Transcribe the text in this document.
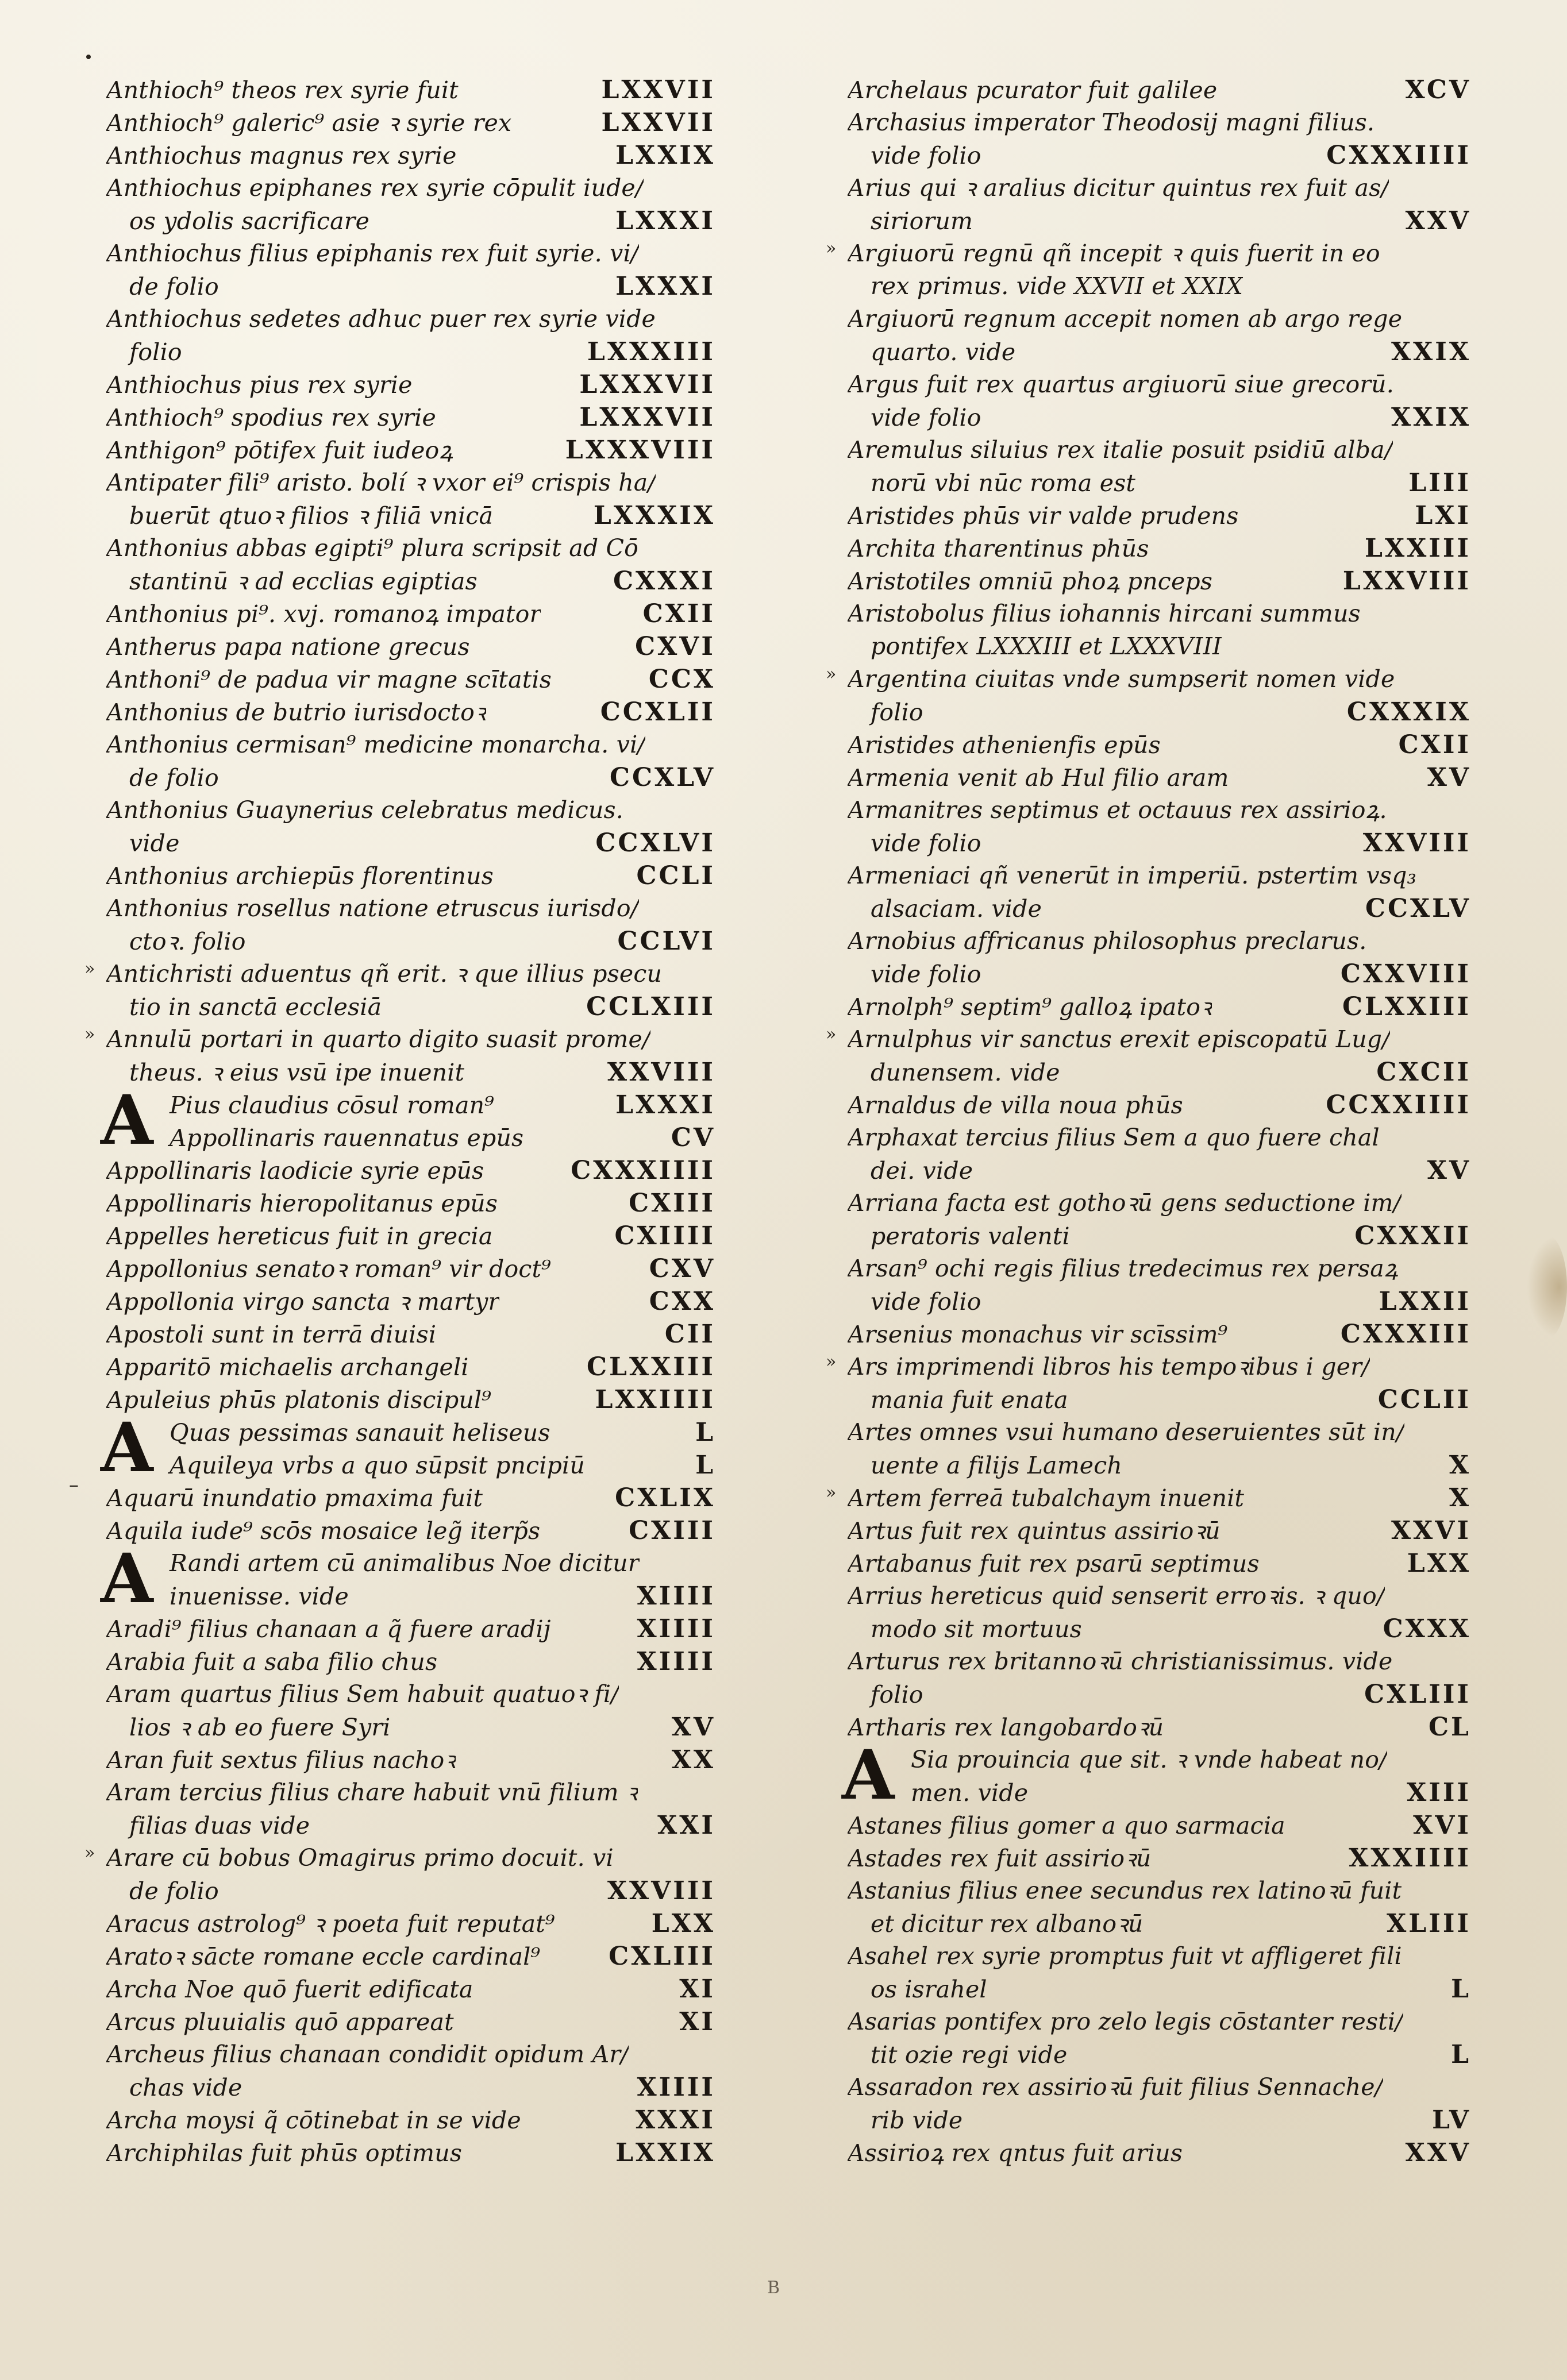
–
Anthioch⁹ theos rex syrie fuit	LXXVII
Anthioch⁹ galeric⁹ asie ꝛ syrie rex	LXXVII
Anthiochus magnus rex syrie	LXXIX
Anthiochus epiphanes rex syrie cōpulit iude/
os ydolis sacrificare	LXXXI
Anthiochus filius epiphanis rex fuit syrie. vi/
de folio	LXXXI
Anthiochus sedetes adhuc puer rex syrie vide
folio	LXXXIII
Anthiochus pius rex syrie	LXXXVII
Anthioch⁹ spodius rex syrie	LXXXVII
Anthigon⁹ pōtifex fuit iudeoꝝ	LXXXVIII
Antipater fili⁹ aristo. bolí ꝛ vxor ei⁹ crispis ha/
buerūt qtuoꝛ filios ꝛ filiā vnicā	LXXXIX
Anthonius abbas egipti⁹ plura scripsit ad Cō
stantinū ꝛ ad ecclias egiptias	CXXXI
Anthonius pi⁹. xvj. romanoꝝ impator	CXII
Antherus papa natione grecus	CXVI
Anthoni⁹ de padua vir magne scītatis	CCX
Anthonius de butrio iurisdoctoꝛ	CCXLII
Anthonius cermisan⁹ medicine monarcha. vi/
de folio	CCXLV
Anthonius Guaynerius celebratus medicus.
vide	CCXLVI
Anthonius archiepūs florentinus	CCLI
Anthonius rosellus natione etruscus iurisdo/
ctoꝛ. folio	CCLVI
» Antichristi aduentus qñ erit. ꝛ que illius psecu
tio in sanctā ecclesiā	CCLXIII
» Annulū portari in quarto digito suasit prome/
theus. ꝛ eius vsū ipe inuenit	XXVIII
A Pius claudius cōsul roman⁹	LXXXI
Appollinaris rauennatus epūs	CV
Appollinaris laodicie syrie epūs	CXXXIIII
Appollinaris hieropolitanus epūs	CXIII
Appelles hereticus fuit in grecia	CXIIII
Appollonius senatoꝛ roman⁹ vir doct⁹	CXV
Appollonia virgo sancta ꝛ martyr	CXX
Apostoli sunt in terrā diuisi	CII
Apparitō michaelis archangeli	CLXXIII
Apuleius phūs platonis discipul⁹	LXXIIII
A Quas pessimas sanauit heliseus	L
Aquileya vrbs a quo sūpsit pncipiū	L
Aquarū inundatio pmaxima fuit	CXLIX
Aquila iude⁹ scōs mosaice leg̃ iterp̃s	CXIII
A Randi artem cū animalibus Noe dicitur
inuenisse. vide	XIIII
Aradi⁹ filius chanaan a q̃ fuere aradij	XIIII
Arabia fuit a saba filio chus	XIIII
Aram quartus filius Sem habuit quatuoꝛ fi/
lios ꝛ ab eo fuere Syri	XV
Aran fuit sextus filius nachoꝛ	XX
Aram tercius filius chare habuit vnū filium ꝛ
filias duas vide	XXI
» Arare cū bobus Omagirus primo docuit. vi
de folio	XXVIII
Aracus astrolog⁹ ꝛ poeta fuit reputat⁹	LXX
Aratoꝛ sācte romane eccle cardinal⁹	CXLIII
Archa Noe quō fuerit edificata	XI
Arcus pluuialis quō appareat	XI
Archeus filius chanaan condidit opidum Ar/
chas vide	XIIII
Archa moysi q̃ cōtinebat in se vide	XXXI
Archiphilas fuit phūs optimus	LXXIX
Archelaus pcurator fuit galilee	XCV
Archasius imperator Theodosij magni filius.
vide folio	CXXXIIII
Arius qui ꝛ aralius dicitur quintus rex fuit as/
siriorum	XXV
» Argiuorū regnū qñ incepit ꝛ quis fuerit in eo
rex primus. vide XXVII et XXIX
Argiuorū regnum accepit nomen ab argo rege
quarto. vide	XXIX
Argus fuit rex quartus argiuorū siue grecorū.
vide folio	XXIX
Aremulus siluius rex italie posuit psidiū alba/
norū vbi nūc roma est	LIII
Aristides phūs vir valde prudens	LXI
Archita tharentinus phūs	LXXIII
Aristotiles omniū phoꝝ pnceps	LXXVIII
Aristobolus filius iohannis hircani summus
pontifex LXXXIII et LXXXVIII
» Argentina ciuitas vnde sumpserit nomen vide
folio	CXXXIX
Aristides athenienfis epūs	CXII
Armenia venit ab Hul filio aram	XV
Armanitres septimus et octauus rex assirioꝝ.
vide folio	XXVIII
Armeniaci qñ venerūt in imperiū. pstertim vsq₃
alsaciam. vide	CCXLV
Arnobius affricanus philosophus preclarus.
vide folio	CXXVIII
Arnolph⁹ septim⁹ galloꝝ ipatoꝛ	CLXXIII
» Arnulphus vir sanctus erexit episcopatū Lug/
dunensem. vide	CXCII
Arnaldus de villa noua phūs	CCXXIIII
Arphaxat tercius filius Sem a quo fuere chal
dei. vide	XV
Arriana facta est gothoꝛū gens seductione im/
peratoris valenti	CXXXII
Arsan⁹ ochi regis filius tredecimus rex persaꝝ
vide folio	LXXII
Arsenius monachus vir scīssim⁹	CXXXIII
» Ars imprimendi libros his tempoꝛibus i ger/
mania fuit enata	CCLII
Artes omnes vsui humano deseruientes sūt in/
uente a filijs Lamech	X
» Artem ferreā tubalchaym inuenit	X
Artus fuit rex quintus assirioꝛū	XXVI
Artabanus fuit rex psarū septimus	LXX
Arrius hereticus quid senserit erroꝛis. ꝛ quo/
modo sit mortuus	CXXX
Arturus rex britannoꝛū christianissimus. vide
folio	CXLIII
Artharis rex langobardoꝛū	CL
A Sia prouincia que sit. ꝛ vnde habeat no/
men. vide	XIII
Astanes filius gomer a quo sarmacia	XVI
Astades rex fuit assirioꝛū	XXXIIII
Astanius filius enee secundus rex latinoꝛū fuit
et dicitur rex albanoꝛū	XLIII
Asahel rex syrie promptus fuit vt affligeret fili
os israhel	L
Asarias pontifex pro zelo legis cōstanter resti/
tit ozie regi vide	L
Assaradon rex assirioꝛū fuit filius Sennache/
rib vide	LV
Assirioꝝ rex qntus fuit arius	XXV
B
